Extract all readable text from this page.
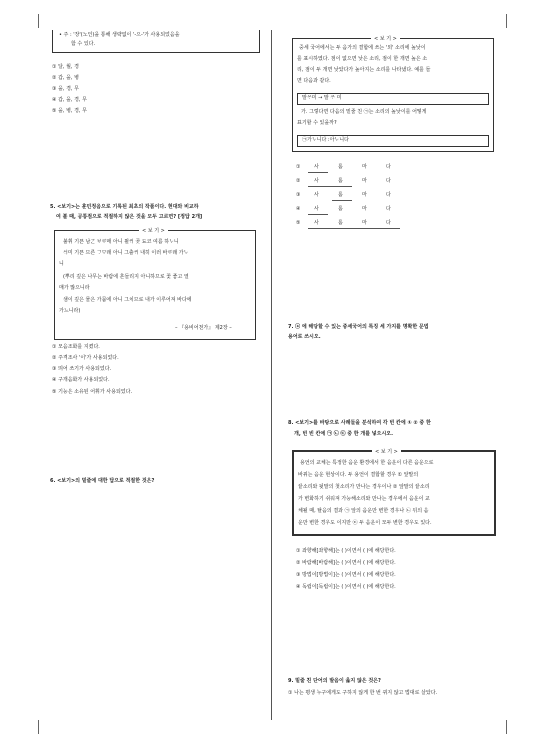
• 주 : '장'(노인)을 통해 생략없이 '-으-'가 사용되었음을
함 수 있다.
① 달, 월, 경
② 갑, 을, 병
③ 을, 경, 무
④ 갑, 을, 경, 무
⑤ 을, 병, 경, 무
5. <보기>는 훈민정음으로 기록된 최초의 작품이다. 현대와 비교하
여 볼 때, 공통점으로 적절하지 않은 것을 모두 고르면? [정답 2개]
< 보 기 >
불휘 기픈 남ᄀᆞᆫ ᄇᆞᄅᆞ매 아니 뮐ᄊᆡ 곶 됴코 여름 하ᄂᆞ니
ᄉᆡ미 기픈 므른 ᄀᆞᄆᆞ래 아니 그츨ᄊᆡ 내히 이러 바ᄅᆞ래 가ᄂᆞ
니
(뿌리 깊은 나무는 바람에 흔들리지 아니하므로 꽃 좋고 열
매가 많으니라
샘이 깊은 물은 가뭄에 아니 그치므로 내가 이루어져 바다에
가느니라)
– 『용비어천가』 제2장 –
① 모음조화를 지켰다.
② 주격조사 '이'가 사용되었다.
③ 띄어 쓰기가 사용되었다.
④ 구개음화가 사용되었다.
⑤ 기능은 소유된 어휘가 사용되었다.
6. <보기>의 밑줄에 대한 답으로 적절한 것은?
< 보 기 >
중세 국어에서는 두 음가의 결합에 쓰는 '외' 소리에 높낮이
를 표시하였다. 점이 없으면 낮은 소리, 점이 한 개면 높은 소
리, 점이 두 개면 낮았다가 높아지는 소리를 나타냈다. 예를 들
면 다음과 같다.
말ᄊᆞ미 → 말 ᄊᆞ 미
가. 그렇다면 다음의 밑줄 친 ㉠는 소리의 높낮이를 어떻게
표기할 수 있을까?
㉠가ᄂᆞ니다 :아ᄂᆞ니다
①	사	롬	마	다
②	사	롬	마	다
③	사	롬	마	다
④	사	롬	마	다
⑤	사	롬	마	다
7. ⓐ 에 해당할 수 있는 중세국어의 특징 세 가지를 명확한 문법
용어로 쓰시오.
8. <보기>를 바탕으로 사례들을 분석하여 각 빈 칸에 ① ② 중 한
개, 빈 빈 칸에 ㉠ ㉡ ㉢ 중 한 개를 넣으시오.
< 보 기 >
용언의 교체는 특정한 음운 환경에서 한 음운이 다른 음운으로
바뀌는 음운 현상이다. 두 용언이 결합할 경우 ① 앞말의
끝소리와 뒷말의 첫소리가 만나는 경우이나 ② 앞말의 끝소리
가 변화하기 쉬워져 가능해소리와 만나는 경우에서 음운이 교
체될 때, 탈음의 결과 ㉠ 앞의 음운만 변한 경우나 ㉡ 뒤의 음
운만 변한 경우도 이지만 ㉢ 두 음운이 모두 변한 경우도 있다.
① 좌향해[좌향해]는 ( )이면서 ( )에 해당한다.
② 바람해[바람해]는 ( )이면서 ( )에 해당한다.
③ 방법이[방법이]는 ( )이면서 ( )에 해당한다.
④ 독립이[독립이]는 ( )이면서 ( )에 해당한다.
9. 밑줄 친 단어의 발음이 옳지 않은 것은?
① 나는 평생 누구에게도 구하지 않게 한 번 뀌지 않고 법대로 살았다.
